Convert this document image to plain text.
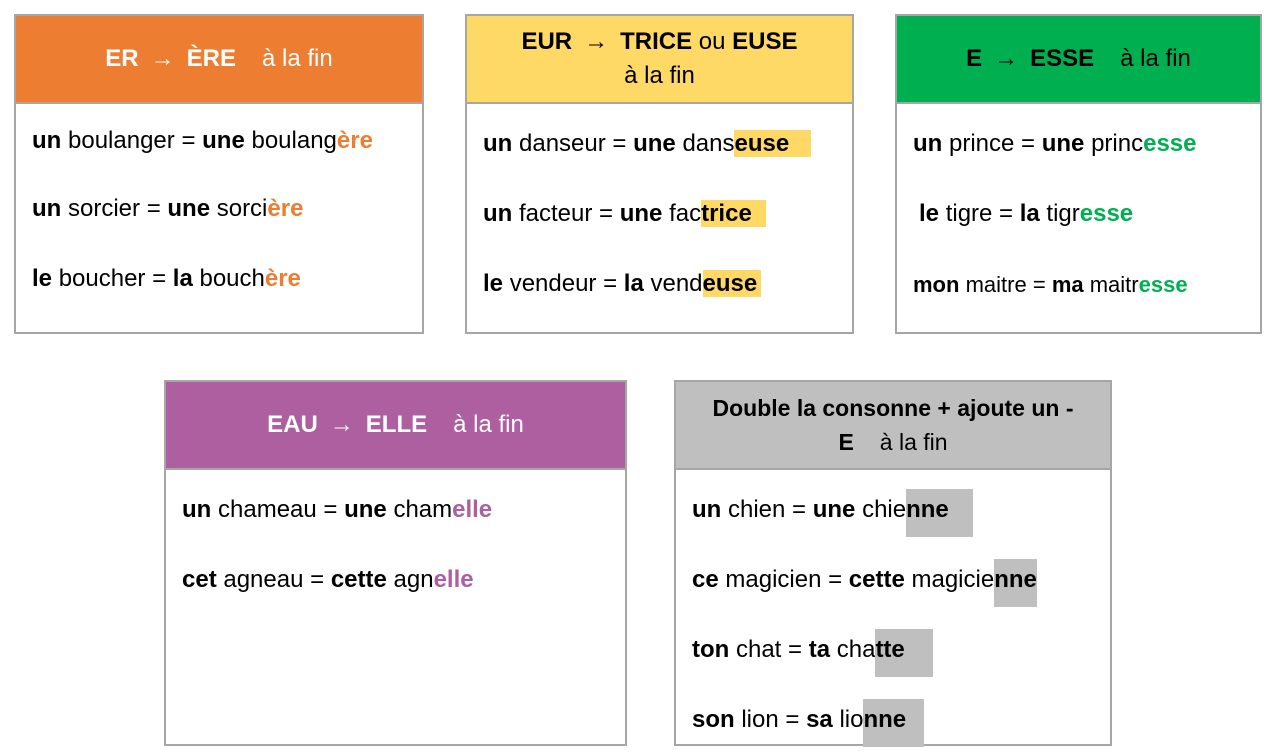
ER → ÈRE à la fin
un boulanger = une boulangère
un sorcier = une sorcière
le boucher = la bouchère
EUR → TRICE ou EUSE
à la fin
un danseur = une danseuse
un facteur = une factrice
le vendeur = la vendeuse
E → ESSE à la fin
un prince = une princesse
le tigre = la tigresse
mon maitre = ma maitresse
EAU → ELLE à la fin
un chameau = une chamelle
cet agneau = cette agnelle
Double la consonne + ajoute un -
E à la fin
un chien = une chienne
ce magicien = cette magicienne
ton chat = ta chatte
son lion = sa lionne
